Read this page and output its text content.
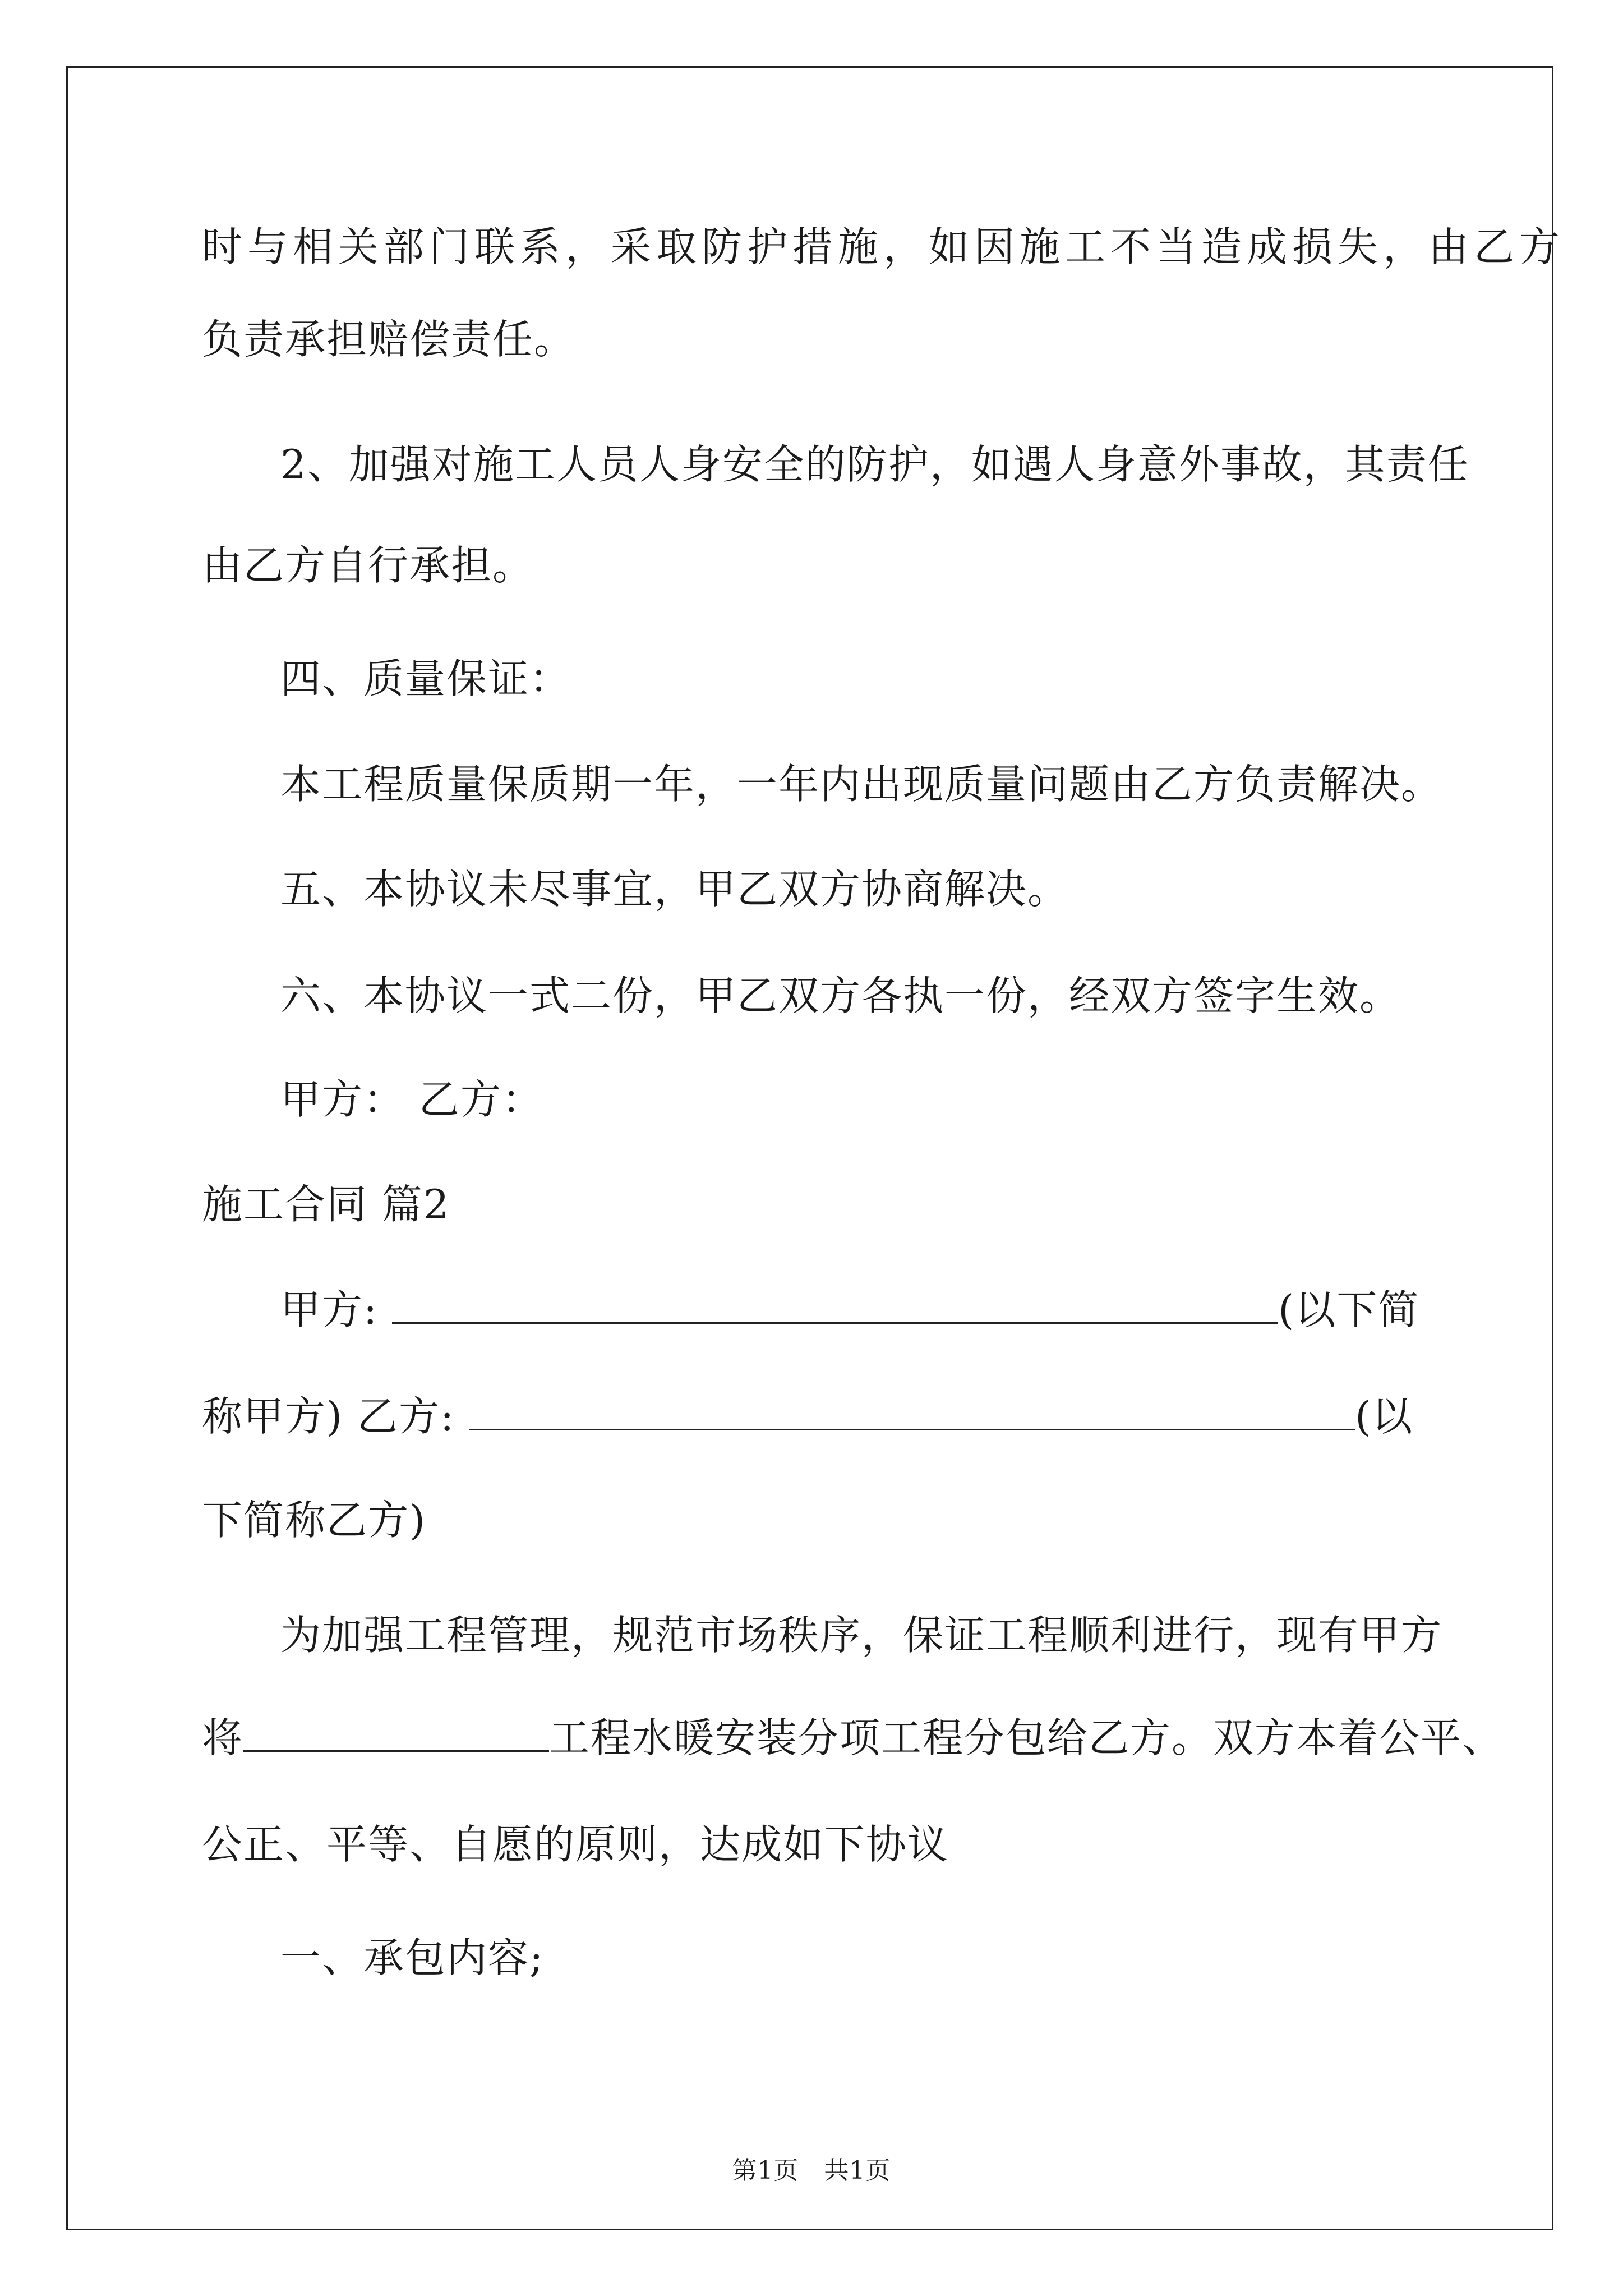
时与相关部门联系，采取防护措施，如因施工不当造成损失，由乙方
负责承担赔偿责任。
2、加强对施工人员人身安全的防护，如遇人身意外事故，其责任
由乙方自行承担。
四、质量保证：
本工程质量保质期一年，一年内出现质量问题由乙方负责解决。
五、本协议未尽事宜，甲乙双方协商解决。
六、本协议一式二份，甲乙双方各执一份，经双方签字生效。
甲方： 乙方：
施工合同 篇2
甲方:	(以下简
称甲方) 乙方:	(以
下简称乙方)
为加强工程管理，规范市场秩序，保证工程顺利进行，现有甲方
将	工程水暖安装分项工程分包给乙方。双方本着公平、
公正、平等、自愿的原则，达成如下协议
一、承包内容;
第1页　共1页
